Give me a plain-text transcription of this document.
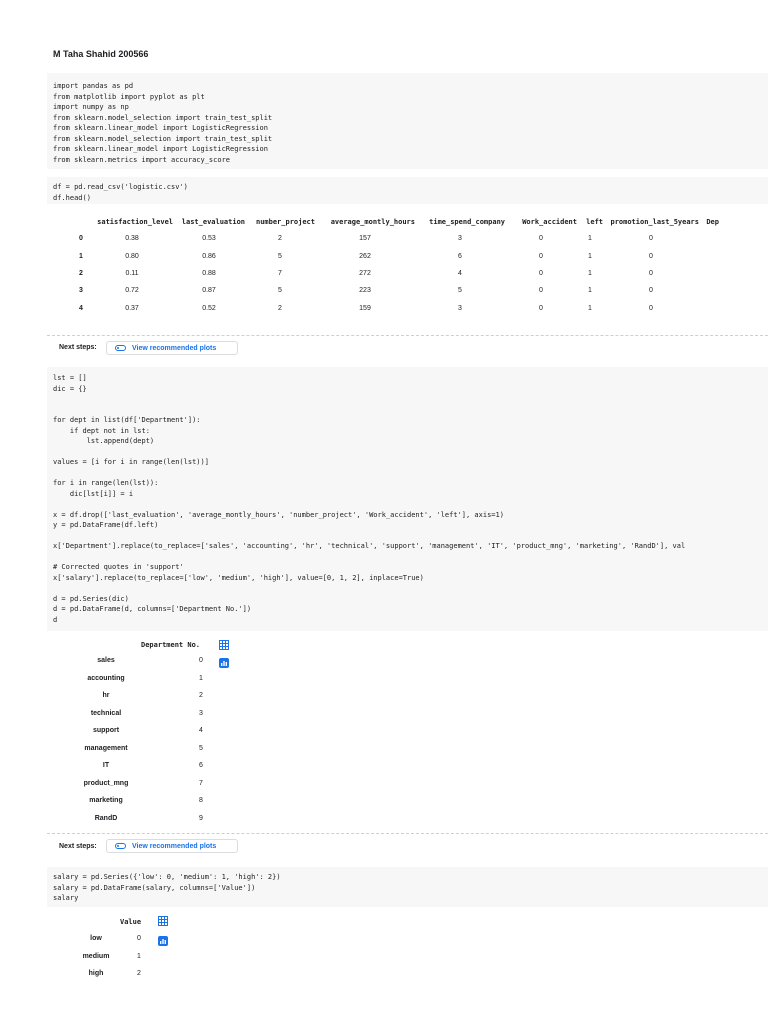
M Taha Shahid 200566
import pandas as pd
from matplotlib import pyplot as plt
import numpy as np
from sklearn.model_selection import train_test_split
from sklearn.linear_model import LogisticRegression
from sklearn.model_selection import train_test_split
from sklearn.linear_model import LogisticRegression
from sklearn.metrics import accuracy_score
df = pd.read_csv('logistic.csv')
df.head()
	satisfaction_level	last_evaluation	number_project	average_montly_hours	time_spend_company	Work_accident	left	promotion_last_5years	Dep
0	0.38	0.53	2	157	3	0	1	0	
1	0.80	0.86	5	262	6	0	1	0	
2	0.11	0.88	7	272	4	0	1	0	
3	0.72	0.87	5	223	5	0	1	0	
4	0.37	0.52	2	159	3	0	1	0	
Next steps:	View recommended plots
lst = []
dic = {}
for dept in list(df['Department']):
if dept not in lst:
lst.append(dept)
values = [i for i in range(len(lst))]
for i in range(len(lst)):
dic[lst[i]] = i
x = df.drop(['last_evaluation', 'average_montly_hours', 'number_project', 'Work_accident', 'left'], axis=1)
y = pd.DataFrame(df.left)
x['Department'].replace(to_replace=['sales', 'accounting', 'hr', 'technical', 'support', 'management', 'IT', 'product_mng', 'marketing', 'RandD'], val
# Corrected quotes in 'support'
x['salary'].replace(to_replace=['low', 'medium', 'high'], value=[0, 1, 2], inplace=True)
d = pd.Series(dic)
d = pd.DataFrame(d, columns=['Department No.'])
d
Department No.
sales	0
accounting	1
hr	2
technical	3
support	4
management	5
IT	6
product_mng	7
marketing	8
RandD	9
Next steps:	View recommended plots
salary = pd.Series({'low': 0, 'medium': 1, 'high': 2})
salary = pd.DataFrame(salary, columns=['Value'])
salary
Value
low	0
medium	1
high	2
